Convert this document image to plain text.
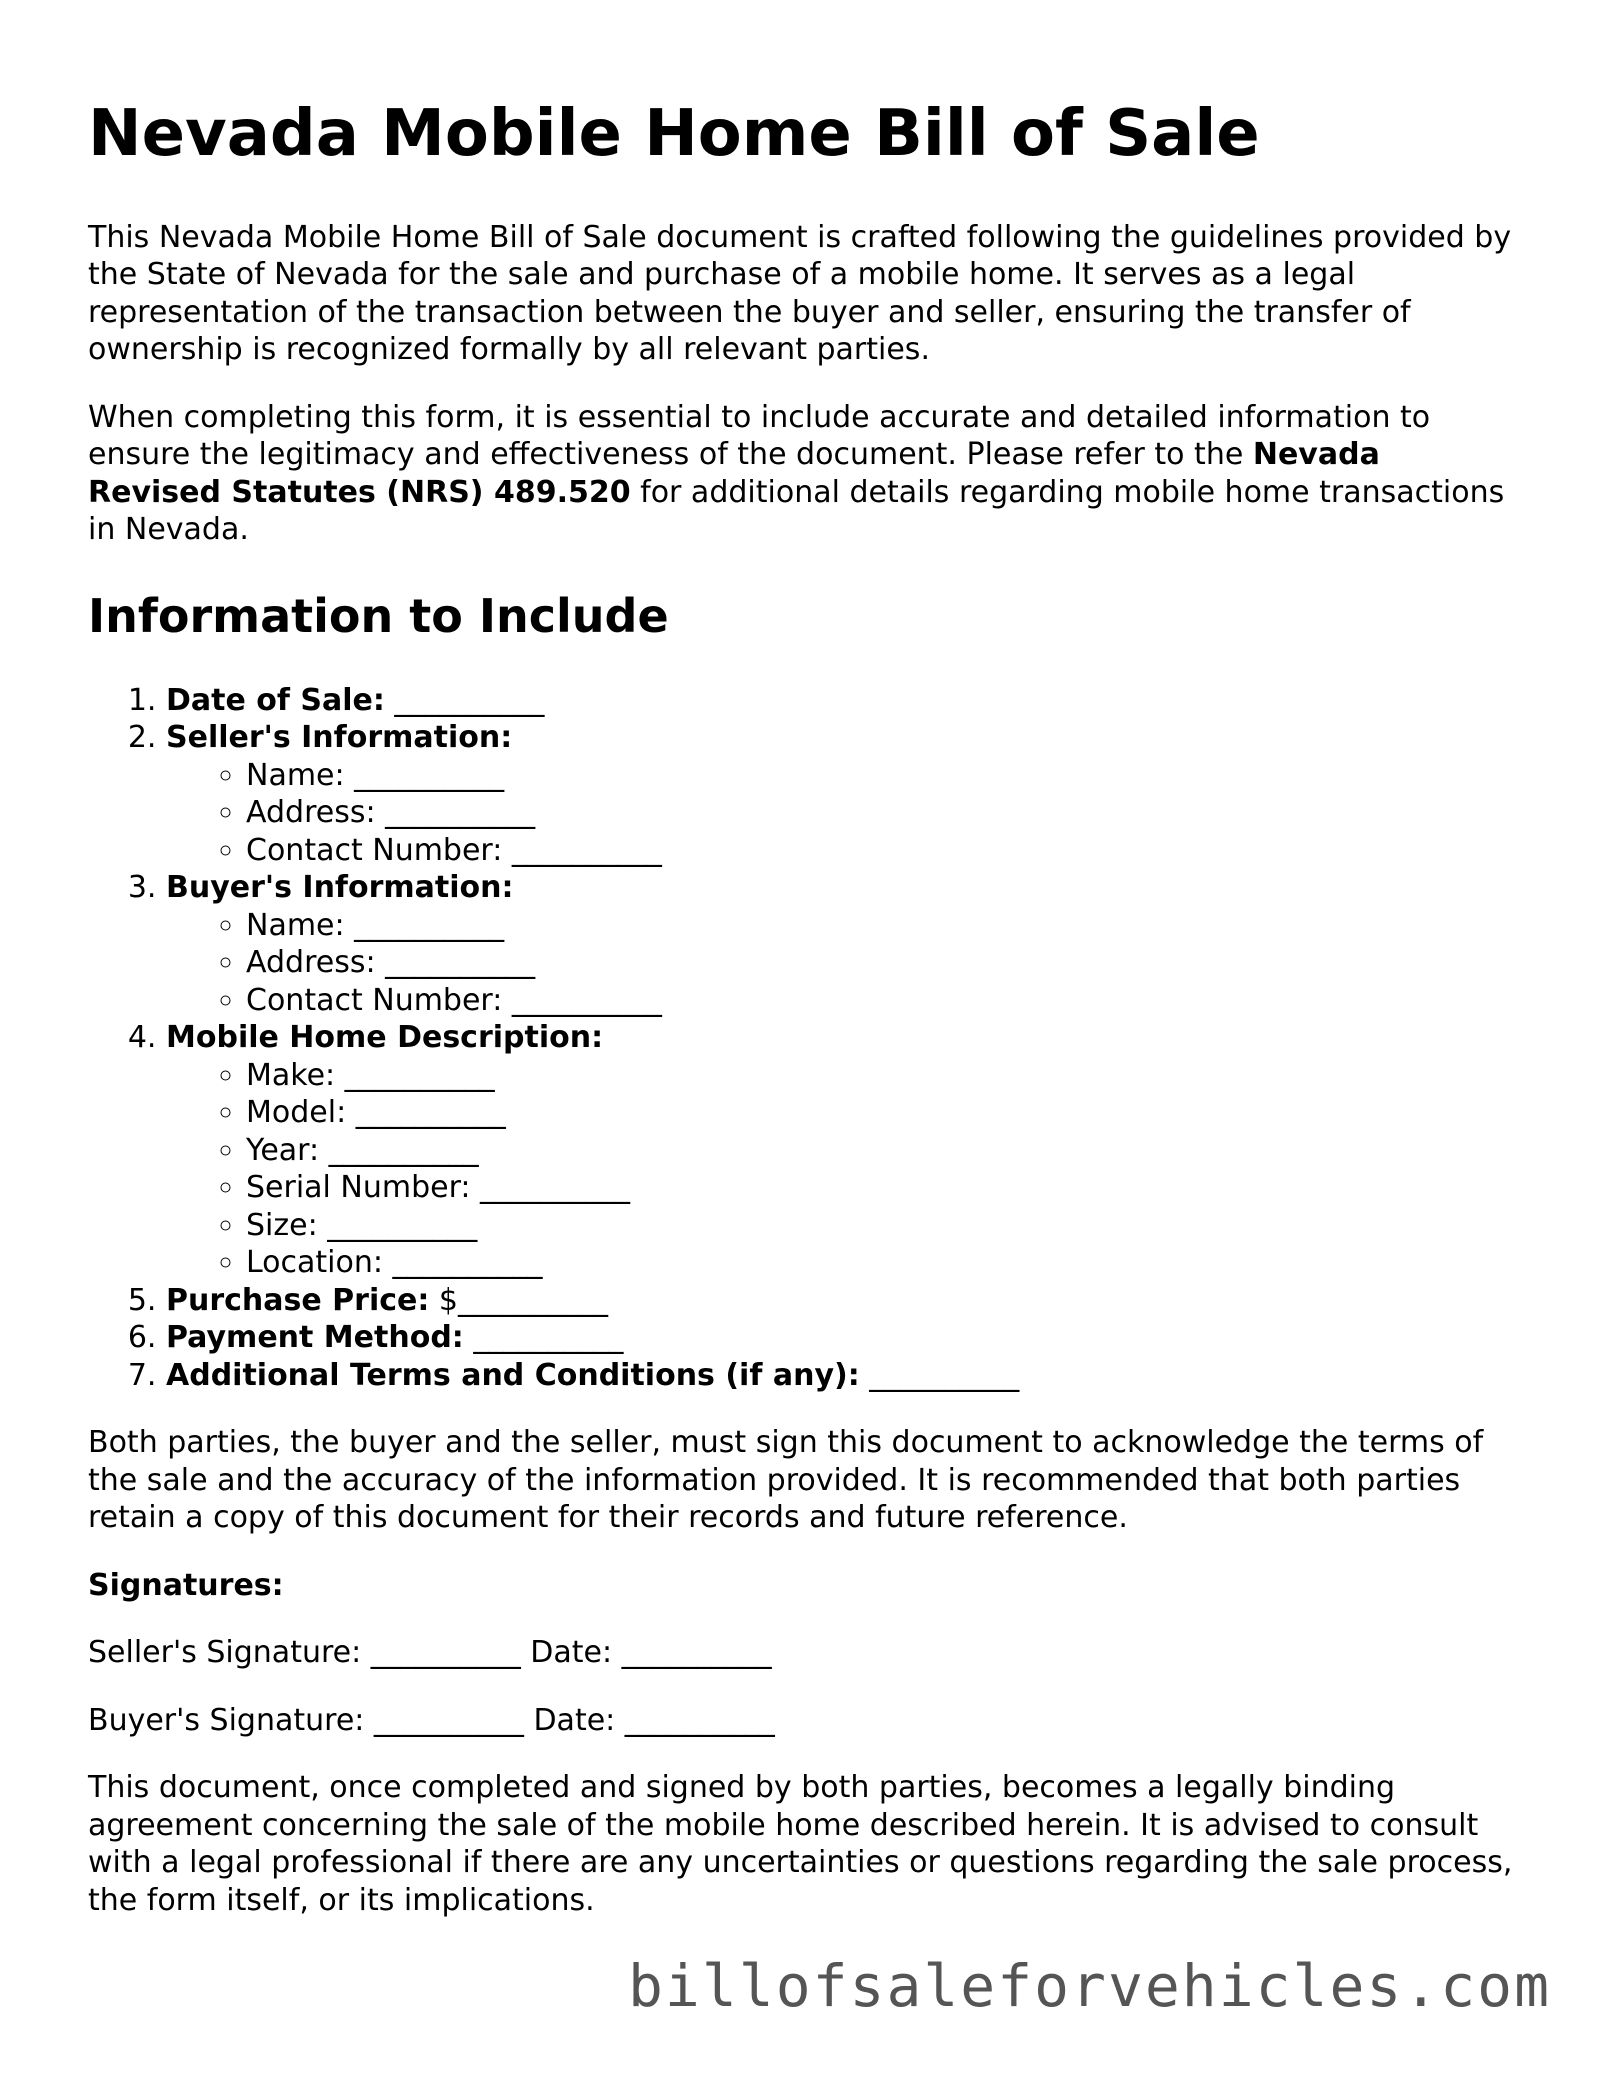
Nevada Mobile Home Bill of Sale

This Nevada Mobile Home Bill of Sale document is crafted following the guidelines provided by the State of Nevada for the sale and purchase of a mobile home. It serves as a legal representation of the transaction between the buyer and seller, ensuring the transfer of ownership is recognized formally by all relevant parties.

When completing this form, it is essential to include accurate and detailed information to ensure the legitimacy and effectiveness of the document. Please refer to the Nevada Revised Statutes (NRS) 489.520 for additional details regarding mobile home transactions in Nevada.

Information to Include
1. Date of Sale: __________
2. Seller's Information:
◦ Name: __________
◦ Address: __________
◦ Contact Number: __________
3. Buyer's Information:
◦ Name: __________
◦ Address: __________
◦ Contact Number: __________
4. Mobile Home Description:
◦ Make: __________
◦ Model: __________
◦ Year: __________
◦ Serial Number: __________
◦ Size: __________
◦ Location: __________
5. Purchase Price: $__________
6. Payment Method: __________
7. Additional Terms and Conditions (if any): __________

Both parties, the buyer and the seller, must sign this document to acknowledge the terms of the sale and the accuracy of the information provided. It is recommended that both parties retain a copy of this document for their records and future reference.

Signatures:

Seller's Signature: __________ Date: __________

Buyer's Signature: __________ Date: __________

This document, once completed and signed by both parties, becomes a legally binding agreement concerning the sale of the mobile home described herein. It is advised to consult with a legal professional if there are any uncertainties or questions regarding the sale process, the form itself, or its implications.

billofsaleforvehicles.com
